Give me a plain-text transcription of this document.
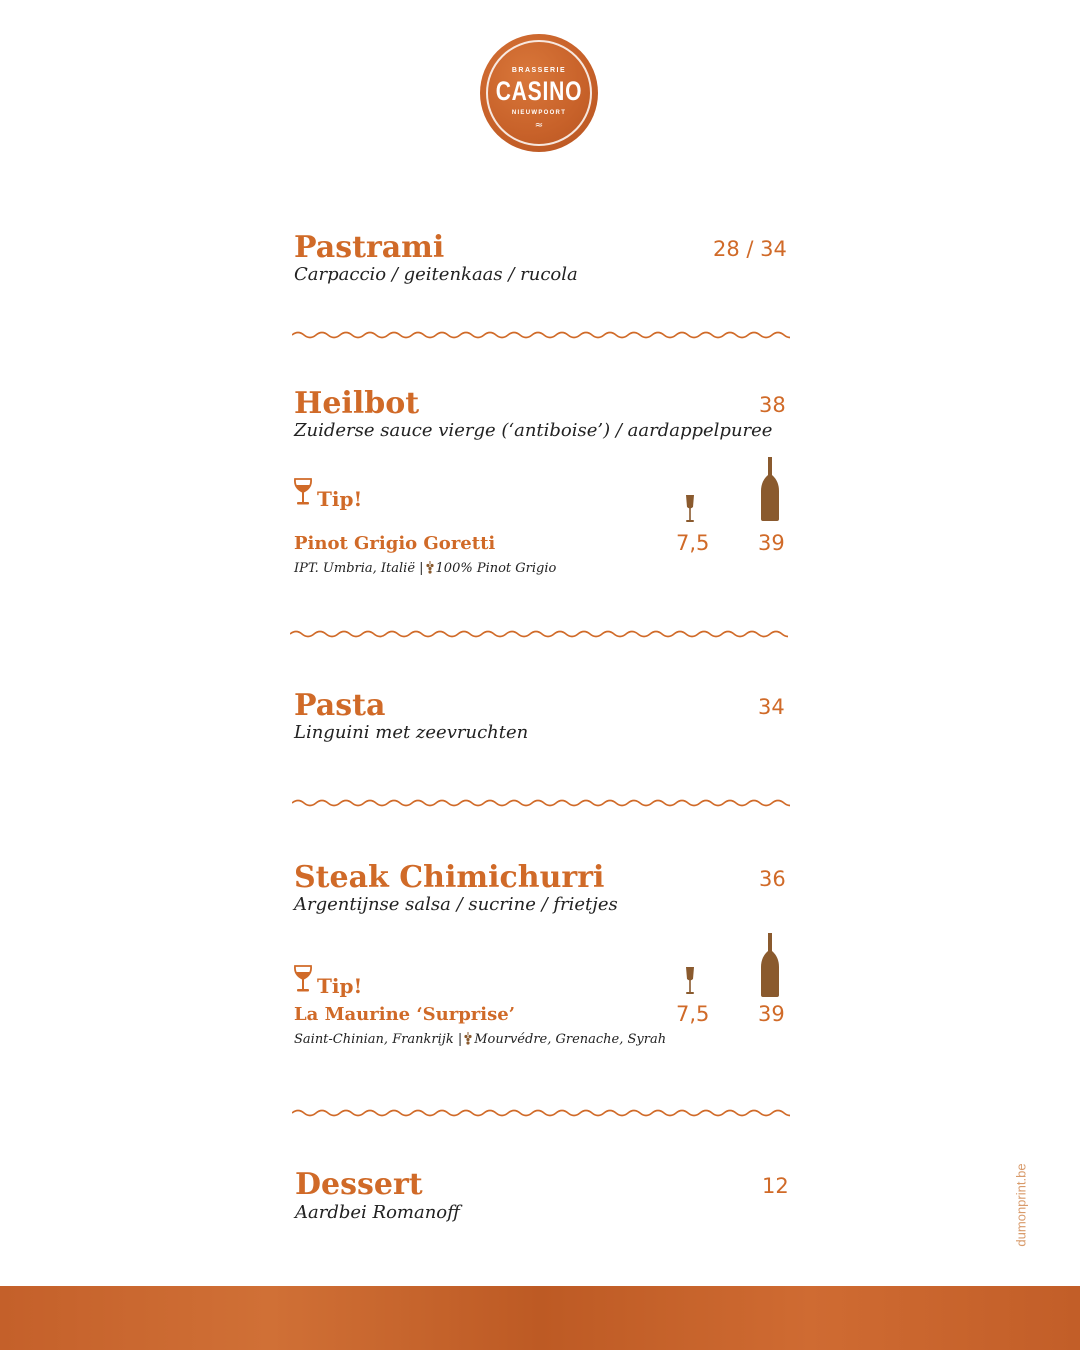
BRASSERIE
CASINO
NIEUWPOORT
≈
Pastrami
Carpaccio / geitenkaas / rucola
28 / 34
Heilbot
Zuiderse sauce vierge (‘antiboise’) / aardappelpuree
38
Tip!
Pinot Grigio Goretti	7,5 39
IPT. Umbria, Italië | 100% Pinot Grigio
Pasta
Linguini met zeevruchten
34
Steak Chimichurri
Argentijnse salsa / sucrine / frietjes
36
Tip!
La Maurine ‘Surprise’	7,5 39
Saint-Chinian, Frankrijk | Mourvédre, Grenache, Syrah
Dessert
Aardbei Romanoff
12	dumonprint.be
